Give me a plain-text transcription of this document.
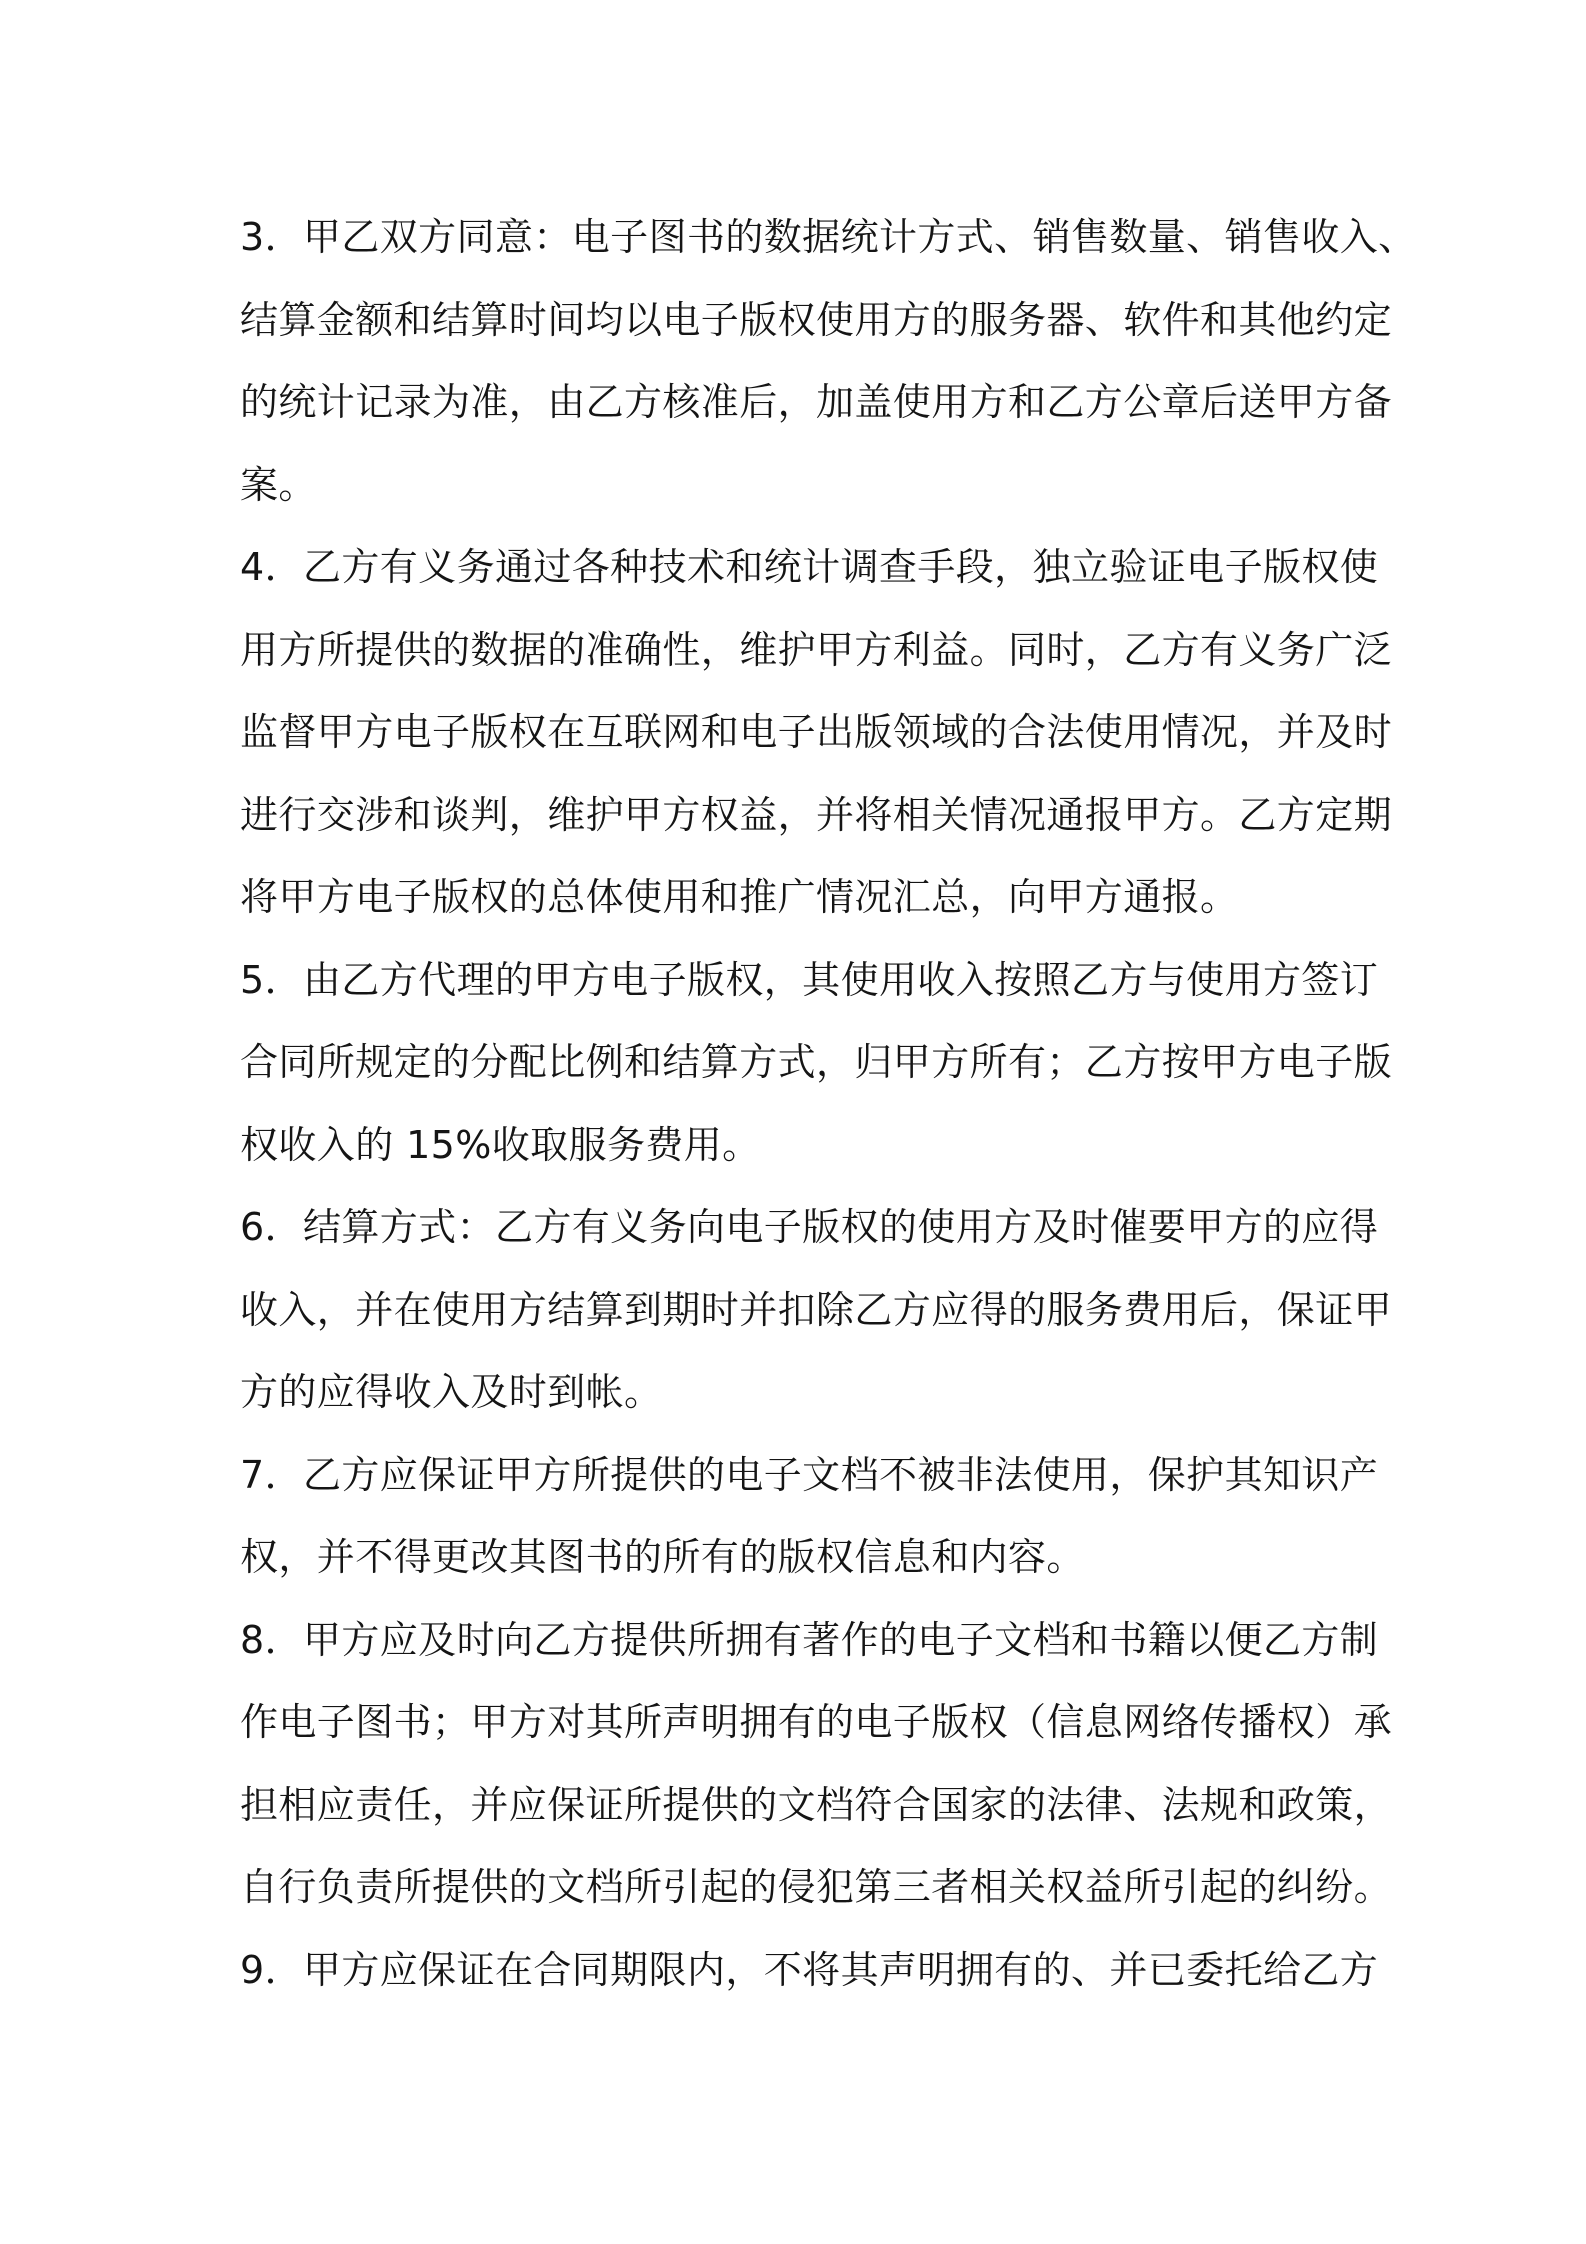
3．甲乙双方同意：电子图书的数据统计方式、销售数量、销售收入、
结算金额和结算时间均以电子版权使用方的服务器、软件和其他约定
的统计记录为准，由乙方核准后，加盖使用方和乙方公章后送甲方备
案。
4．乙方有义务通过各种技术和统计调查手段，独立验证电子版权使
用方所提供的数据的准确性，维护甲方利益。同时，乙方有义务广泛
监督甲方电子版权在互联网和电子出版领域的合法使用情况，并及时
进行交涉和谈判，维护甲方权益，并将相关情况通报甲方。乙方定期
将甲方电子版权的总体使用和推广情况汇总，向甲方通报。
5．由乙方代理的甲方电子版权，其使用收入按照乙方与使用方签订
合同所规定的分配比例和结算方式，归甲方所有；乙方按甲方电子版
权收入的 15%收取服务费用。
6．结算方式：乙方有义务向电子版权的使用方及时催要甲方的应得
收入，并在使用方结算到期时并扣除乙方应得的服务费用后，保证甲
方的应得收入及时到帐。
7．乙方应保证甲方所提供的电子文档不被非法使用，保护其知识产
权，并不得更改其图书的所有的版权信息和内容。
8．甲方应及时向乙方提供所拥有著作的电子文档和书籍以便乙方制
作电子图书；甲方对其所声明拥有的电子版权（信息网络传播权）承
担相应责任，并应保证所提供的文档符合国家的法律、法规和政策，
自行负责所提供的文档所引起的侵犯第三者相关权益所引起的纠纷。
9．甲方应保证在合同期限内，不将其声明拥有的、并已委托给乙方
